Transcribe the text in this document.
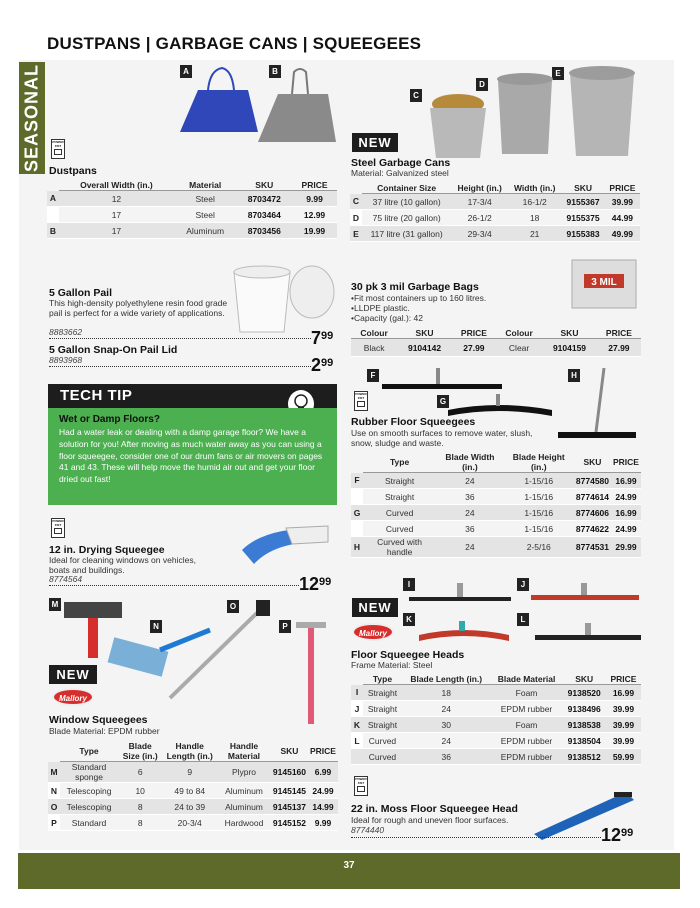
DUSTPANS | GARBAGE CANS | SQUEEGEES
SEASONAL	A	B
POWER FIST
Dustpans
	Overall Width (in.)	Material	SKU	PRICE
A	12	Steel	8703472	9.99
	17	Steel	8703464	12.99
B	17	Aluminum	8703456	19.99
C
D
E
NEW
Steel Garbage Cans
Material: Galvanized steel
	Container Size	Height (in.)	Width (in.)	SKU	PRICE
C	37 litre (10 gallon)	17-3/4	16-1/2	9155367	39.99
D	75 litre (20 gallon)	26-1/2	18	9155375	44.99
E	117 litre (31 gallon)	29-3/4	21	9155383	49.99
5 Gallon Pail
This high-density polyethylene resin food grade pail is perfect for a wide variety of applications.
8883662	$7^{99}$
5 Gallon Snap-On Pail Lid
8893968	$2^{99}$
3 MIL
30 pk 3 mil Garbage Bags
•Fit most containers up to 160 litres.
•LLDPE plastic.
•Capacity (gal.): 42
Colour	SKU	PRICE	Colour	SKU	PRICE
Black	9104142	27.99	Clear	9104159	27.99
TECH TIP
Wet or Damp Floors?
Had a water leak or dealing with a damp garage floor? We have a solution for you! After moving as much water away as you can using a floor squeegee, consider one of our drum fans or air movers on pages 41 and 43. These will help move the humid air out and get your floor dried out fast!
POWER FIST
12 in. Drying Squeegee
Ideal for cleaning windows on vehicles, boats and buildings.
8774564	$12^{99}$
F
G
H
POWER FIST
Rubber Floor Squeegees
Use on smooth surfaces to remove water, slush, snow, sludge and waste.
	Type	Blade Width (in.)	Blade Height (in.)	SKU	PRICE
F	Straight	24	1-15/16	8774580	16.99
	Straight	36	1-15/16	8774614	24.99
G	Curved	24	1-15/16	8774606	16.99
	Curved	36	1-15/16	8774622	24.99
H	Curved with handle	24	2-5/16	8774531	29.99
NEW
Mallory
I	J
K	L
Floor Squeegee Heads
Frame Material: Steel
	Type	Blade Length (in.)	Blade Material	SKU	PRICE
I	Straight	18	Foam	9138520	16.99
J	Straight	24	EPDM rubber	9138496	39.99
K	Straight	30	Foam	9138538	39.99
L	Curved	24	EPDM rubber	9138504	39.99
	Curved	36	EPDM rubber	9138512	59.99
POWER FIST
22 in. Moss Floor Squeegee Head
Ideal for rough and uneven floor surfaces.
8774440	$12^{99}$
M
N
O
P
NEW
Mallory
Window Squeegees
Blade Material: EPDM rubber
	Type	Blade Size (in.)	Handle Length (in.)	Handle Material	SKU	PRICE
M	Standard sponge	6	9	Plypro	9145160	6.99
N	Telescoping	10	49 to 84	Aluminum	9145145	24.99
O	Telescoping	8	24 to 39	Aluminum	9145137	14.99
P	Standard	8	20-3/4	Hardwood	9145152	9.99
37
